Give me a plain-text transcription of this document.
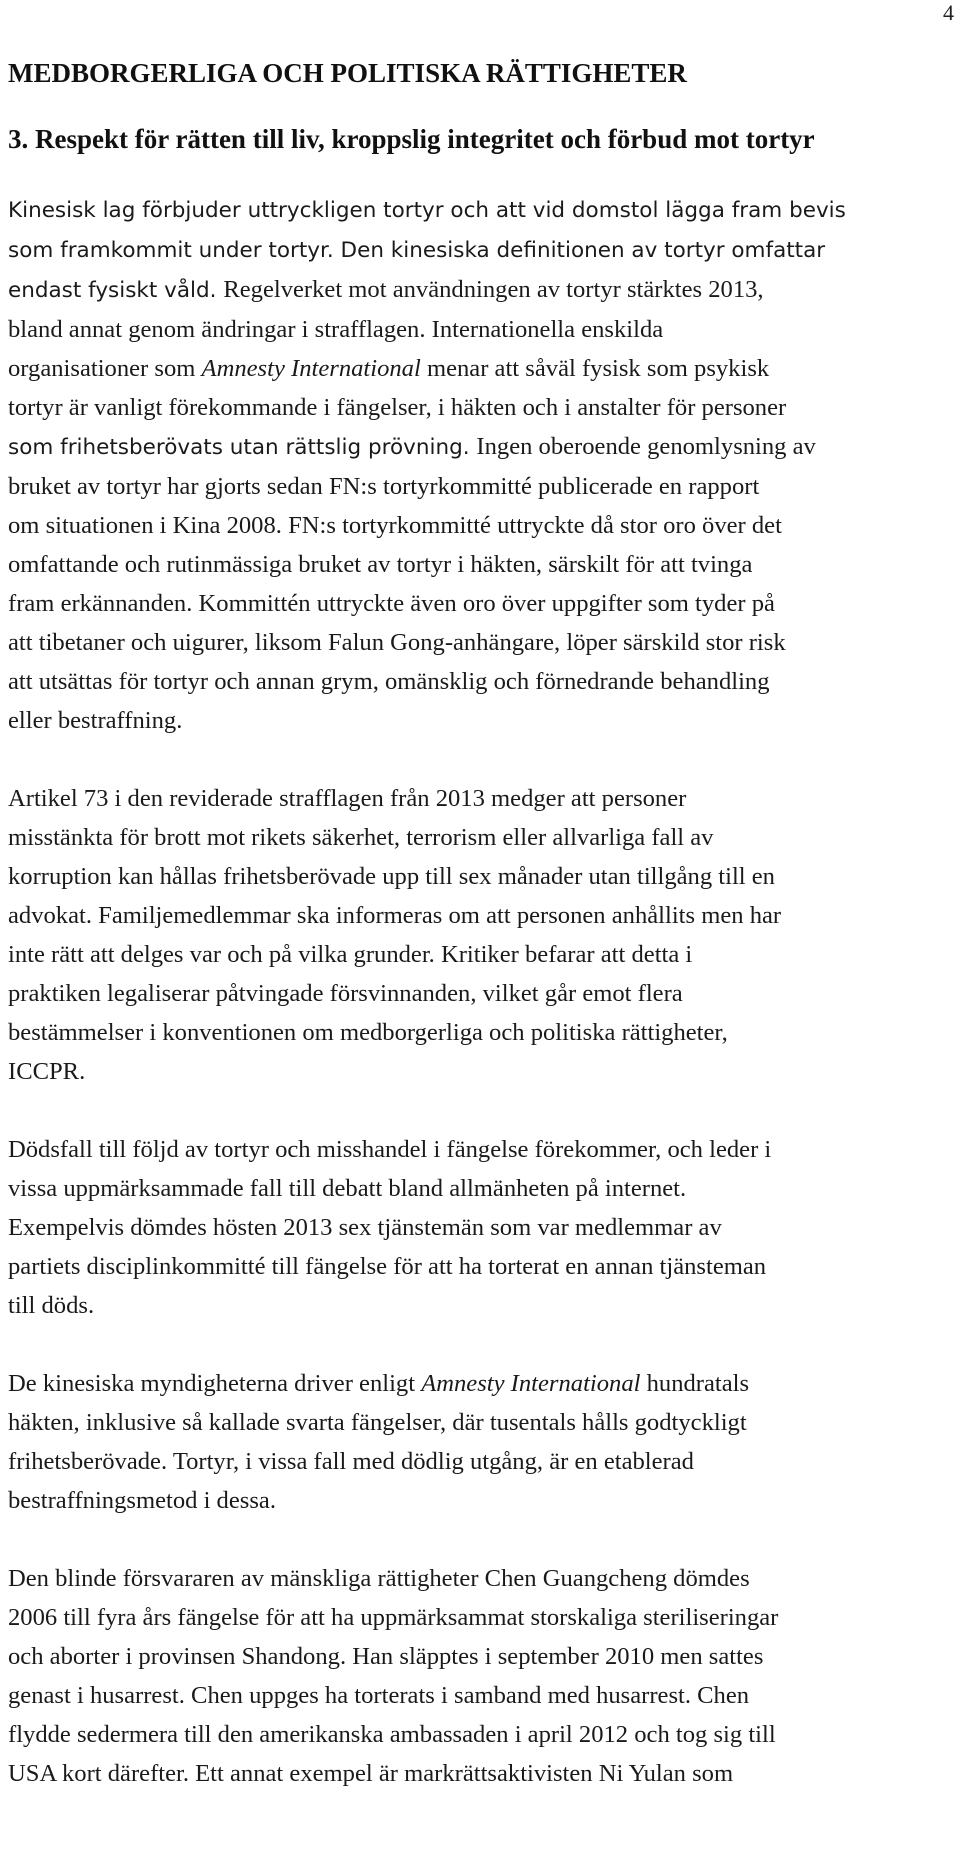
4
MEDBORGERLIGA OCH POLITISKA RÄTTIGHETER
3. Respekt för rätten till liv, kroppslig integritet och förbud mot tortyr
Kinesisk lag förbjuder uttryckligen tortyr och att vid domstol lägga fram bevis
som framkommit under tortyr. Den kinesiska definitionen av tortyr omfattar
endast fysiskt våld. Regelverket mot användningen av tortyr stärktes 2013,
bland annat genom ändringar i strafflagen. Internationella enskilda
organisationer som Amnesty International menar att såväl fysisk som psykisk
tortyr är vanligt förekommande i fängelser, i häkten och i anstalter för personer
som frihetsberövats utan rättslig prövning. Ingen oberoende genomlysning av
bruket av tortyr har gjorts sedan FN:s tortyrkommitté publicerade en rapport
om situationen i Kina 2008. FN:s tortyrkommitté uttryckte då stor oro över det
omfattande och rutinmässiga bruket av tortyr i häkten, särskilt för att tvinga
fram erkännanden. Kommittén uttryckte även oro över uppgifter som tyder på
att tibetaner och uigurer, liksom Falun Gong-anhängare, löper särskild stor risk
att utsättas för tortyr och annan grym, omänsklig och förnedrande behandling
eller bestraffning.
Artikel 73 i den reviderade strafflagen från 2013 medger att personer
misstänkta för brott mot rikets säkerhet, terrorism eller allvarliga fall av
korruption kan hållas frihetsberövade upp till sex månader utan tillgång till en
advokat. Familjemedlemmar ska informeras om att personen anhållits men har
inte rätt att delges var och på vilka grunder. Kritiker befarar att detta i
praktiken legaliserar påtvingade försvinnanden, vilket går emot flera
bestämmelser i konventionen om medborgerliga och politiska rättigheter,
ICCPR.
Dödsfall till följd av tortyr och misshandel i fängelse förekommer, och leder i
vissa uppmärksammade fall till debatt bland allmänheten på internet.
Exempelvis dömdes hösten 2013 sex tjänstemän som var medlemmar av
partiets disciplinkommitté till fängelse för att ha torterat en annan tjänsteman
till döds.
De kinesiska myndigheterna driver enligt Amnesty International hundratals
häkten, inklusive så kallade svarta fängelser, där tusentals hålls godtyckligt
frihetsberövade. Tortyr, i vissa fall med dödlig utgång, är en etablerad
bestraffningsmetod i dessa.
Den blinde försvararen av mänskliga rättigheter Chen Guangcheng dömdes
2006 till fyra års fängelse för att ha uppmärksammat storskaliga steriliseringar
och aborter i provinsen Shandong. Han släpptes i september 2010 men sattes
genast i husarrest. Chen uppges ha torterats i samband med husarrest. Chen
flydde sedermera till den amerikanska ambassaden i april 2012 och tog sig till
USA kort därefter. Ett annat exempel är markrättsaktivisten Ni Yulan som
